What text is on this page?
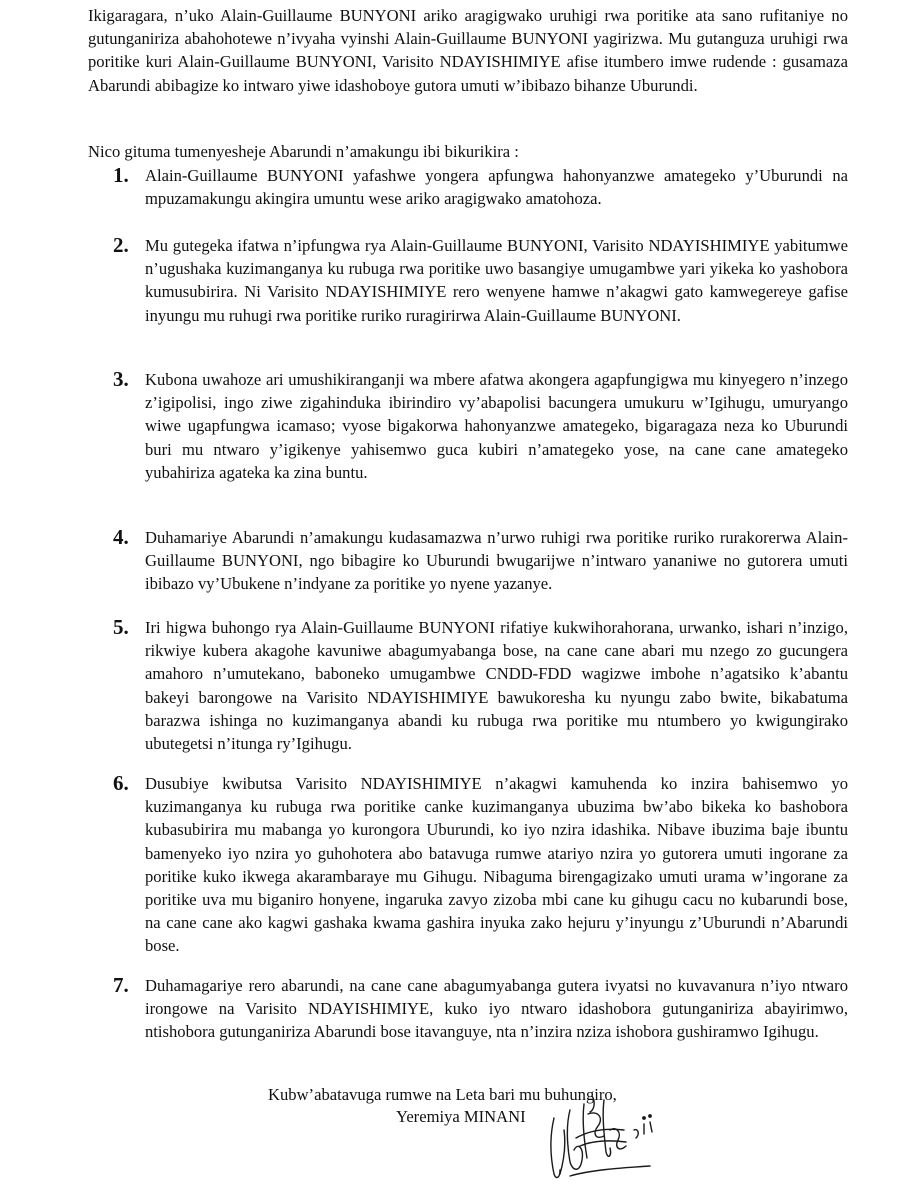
Ikigaragara, n’uko Alain-Guillaume BUNYONI ariko aragigwako uruhigi rwa poritike ata sano rufitaniye no gutunganiriza abahohotewe n’ivyaha vyinshi Alain-Guillaume BUNYONI yagirizwa. Mu gutanguza uruhigi rwa poritike kuri Alain-Guillaume BUNYONI, Varisito NDAYISHIMIYE afise itumbero imwe rudende : gusamaza Abarundi abibagize ko intwaro yiwe idashoboye gutora umuti w’ibibazo bihanze Uburundi.

Nico gituma tumenyesheje Abarundi n’amakungu ibi bikurikira :

1. Alain-Guillaume BUNYONI yafashwe yongera apfungwa hahonyanzwe amategeko y’Uburundi na mpuzamakungu akingira umuntu wese ariko aragigwako amatohoza.

2. Mu gutegeka ifatwa n’ipfungwa rya Alain-Guillaume BUNYONI, Varisito NDAYISHIMIYE yabitumwe n’ugushaka kuzimanganya ku rubuga rwa poritike uwo basangiye umugambwe yari yikeka ko yashobora kumusubirira. Ni Varisito NDAYISHIMIYE rero wenyene hamwe n’akagwi gato kamwegereye gafise inyungu mu ruhugi rwa poritike ruriko ruragirirwa Alain-Guillaume BUNYONI.

3. Kubona uwahoze ari umushikiranganji wa mbere afatwa akongera agapfungigwa mu kinyegero n’inzego z’igipolisi, ingo ziwe zigahinduka ibirindiro vy’abapolisi bacungera umukuru w’Igihugu, umuryango wiwe ugapfungwa icamaso; vyose bigakorwa hahonyanzwe amategeko, bigaragaza neza ko Uburundi buri mu ntwaro y’igikenye yahisemwo guca kubiri n’amategeko yose, na cane cane amategeko yubahiriza agateka ka zina buntu.

4. Duhamariye Abarundi n’amakungu kudasamazwa n’urwo ruhigi rwa poritike ruriko rurakorerwa Alain-Guillaume BUNYONI, ngo bibagire ko Uburundi bwugarijwe n’intwaro yananiwe no gutorera umuti ibibazo vy’Ubukene n’indyane za poritike yo nyene yazanye.

5. Iri higwa buhongo rya Alain-Guillaume BUNYONI rifatiye kukwihorahorana, urwanko, ishari n’inzigo, rikwiye kubera akagohe kavuniwe abagumyabanga bose, na cane cane abari mu nzego zo gucungera amahoro n’umutekano, baboneko umugambwe CNDD-FDD wagizwe imbohe n’agatsiko k’abantu bakeyi barongowe na Varisito NDAYISHIMIYE bawukoresha ku nyungu zabo bwite, bikabatuma barazwa ishinga no kuzimanganya abandi ku rubuga rwa poritike mu ntumbero yo kwigungirako ubutegetsi n’itunga ry’Igihugu.

6. Dusubiye kwibutsa Varisito NDAYISHIMIYE n’akagwi kamuhenda ko inzira bahisemwo yo kuzimanganya ku rubuga rwa poritike canke kuzimanganya ubuzima bw’abo bikeka ko bashobora kubasubirira mu mabanga yo kurongora Uburundi, ko iyo nzira idashika. Nibave ibuzima baje ibuntu bamenyeko iyo nzira yo guhohotera abo batavuga rumwe atariyo nzira yo gutorera umuti ingorane za poritike kuko ikwega akarambaraye mu Gihugu. Nibaguma birengagizako umuti urama w’ingorane za poritike uva mu biganiro honyene, ingaruka zavyo zizoba mbi cane ku gihugu cacu no kubarundi bose, na cane cane ako kagwi gashaka kwama gashira inyuka zako hejuru y’inyungu z’Uburundi n’Abarundi bose.

7. Duhamagariye rero abarundi, na cane cane abagumyabanga gutera ivyatsi no kuvavanura n’iyo ntwaro irongowe na Varisito NDAYISHIMIYE, kuko iyo ntwaro idashobora gutunganiriza abayirimwo, ntishobora gutunganiriza Abarundi bose itavanguye, nta n’inzira nziza ishobora gushiramwo Igihugu.

Kubw’abatavuga rumwe na Leta bari mu buhungiro,

Yeremiya MINANI
